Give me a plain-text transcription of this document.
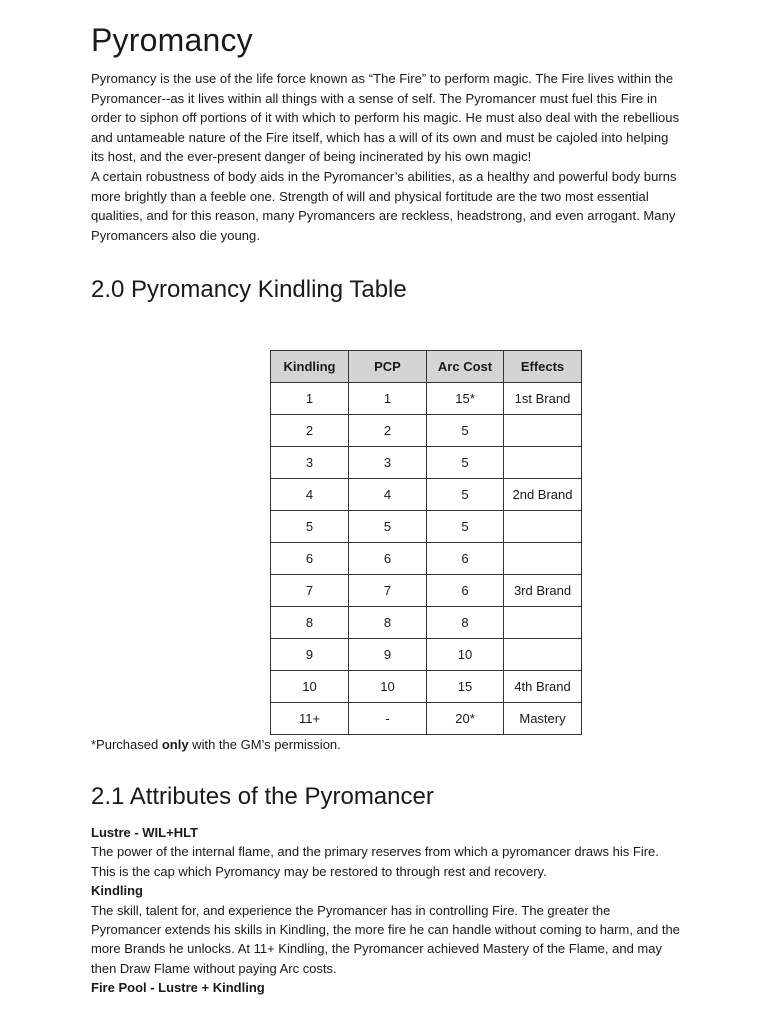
Pyromancy

Pyromancy is the use of the life force known as “The Fire” to perform magic. The Fire lives within the Pyromancer--as it lives within all things with a sense of self. The Pyromancer must fuel this Fire in order to siphon off portions of it with which to perform his magic. He must also deal with the rebellious and untameable nature of the Fire itself, which has a will of its own and must be cajoled into helping its host, and the ever-present danger of being incinerated by his own magic!

A certain robustness of body aids in the Pyromancer’s abilities, as a healthy and powerful body burns more brightly than a feeble one. Strength of will and physical fortitude are the two most essential qualities, and for this reason, many Pyromancers are reckless, headstrong, and even arrogant. Many Pyromancers also die young.

2.0 Pyromancy Kindling Table
Kindling	PCP	Arc Cost	Effects
1	1	15*	1st Brand
2	2	5	
3	3	5	
4	4	5	2nd Brand
5	5	5	
6	6	6	
7	7	6	3rd Brand
8	8	8	
9	9	10	
10	10	15	4th Brand
11+	-	20*	Mastery
*Purchased only with the GM’s permission.
2.1 Attributes of the Pyromancer

Lustre - WIL+HLT

The power of the internal flame, and the primary reserves from which a pyromancer draws his Fire. This is the cap which Pyromancy may be restored to through rest and recovery.

Kindling

The skill, talent for, and experience the Pyromancer has in controlling Fire. The greater the Pyromancer extends his skills in Kindling, the more fire he can handle without coming to harm, and the more Brands he unlocks. At 11+ Kindling, the Pyromancer achieved Mastery of the Flame, and may then Draw Flame without paying Arc costs.

Fire Pool - Lustre + Kindling
